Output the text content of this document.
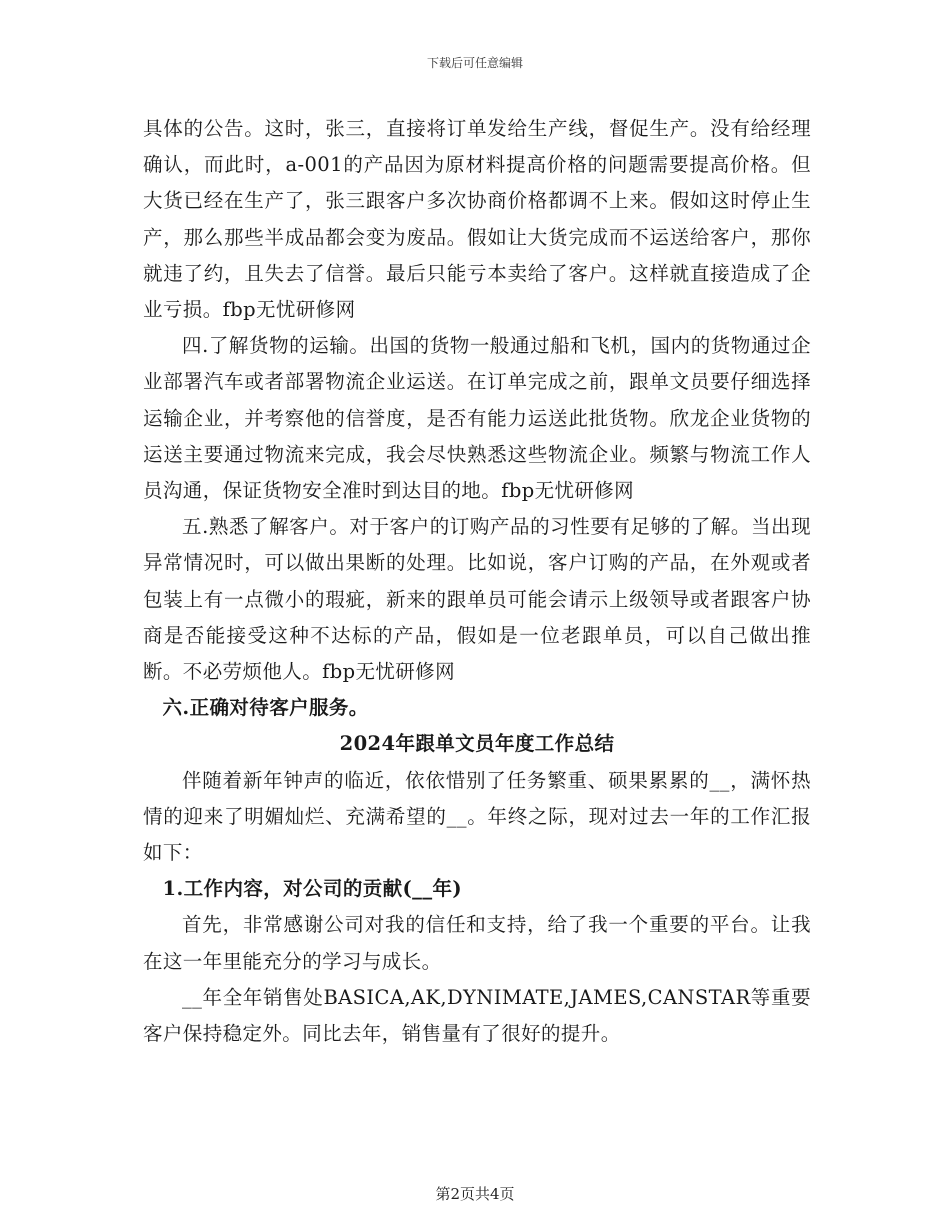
下载后可任意编辑

具体的公告。这时，张三，直接将订单发给生产线，督促生产。没有给经理确认，而此时，a-001的产品因为原材料提高价格的问题需要提高价格。但大货已经在生产了，张三跟客户多次协商价格都调不上来。假如这时停止生产，那么那些半成品都会变为废品。假如让大货完成而不运送给客户，那你就违了约，且失去了信誉。最后只能亏本卖给了客户。这样就直接造成了企业亏损。fbp无忧研修网

四.了解货物的运输。出国的货物一般通过船和飞机，国内的货物通过企业部署汽车或者部署物流企业运送。在订单完成之前，跟单文员要仔细选择运输企业，并考察他的信誉度，是否有能力运送此批货物。欣龙企业货物的运送主要通过物流来完成，我会尽快熟悉这些物流企业。频繁与物流工作人员沟通，保证货物安全准时到达目的地。fbp无忧研修网

五.熟悉了解客户。对于客户的订购产品的习性要有足够的了解。当出现异常情况时，可以做出果断的处理。比如说，客户订购的产品，在外观或者包装上有一点微小的瑕疵，新来的跟单员可能会请示上级领导或者跟客户协商是否能接受这种不达标的产品，假如是一位老跟单员，可以自己做出推断。不必劳烦他人。fbp无忧研修网

六.正确对待客户服务。

2024年跟单文员年度工作总结

伴随着新年钟声的临近，依依惜别了任务繁重、硕果累累的__，满怀热情的迎来了明媚灿烂、充满希望的__。年终之际，现对过去一年的工作汇报如下：

1.工作内容，对公司的贡献(__年)

首先，非常感谢公司对我的信任和支持，给了我一个重要的平台。让我在这一年里能充分的学习与成长。

__年全年销售处BASICA,AK,DYNIMATE,JAMES,CANSTAR等重要客户保持稳定外。同比去年，销售量有了很好的提升。

第2页共4页
